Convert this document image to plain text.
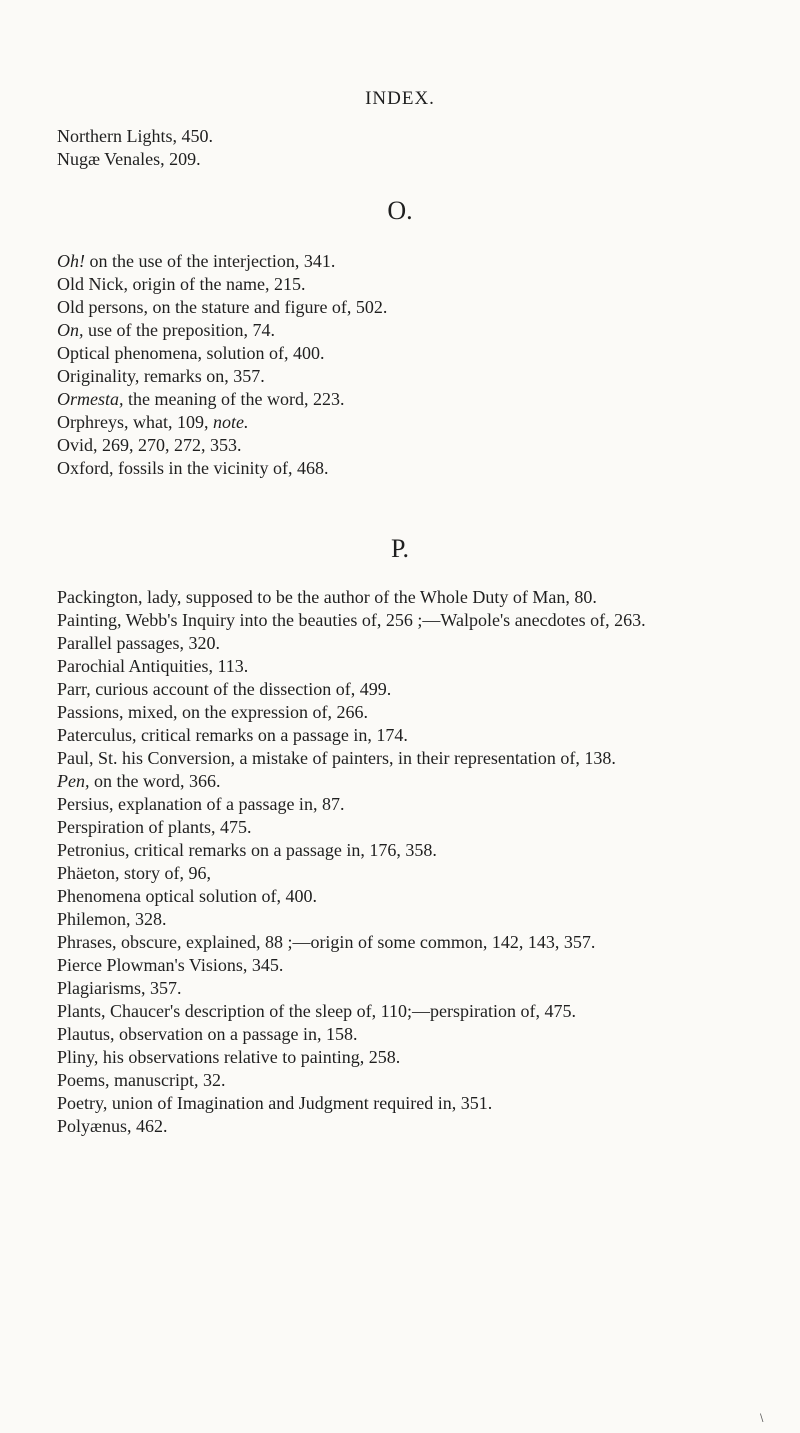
INDEX.

Northern Lights, 450.

Nugæ Venales, 209.

O.

Oh! on the use of the interjection, 341.

Old Nick, origin of the name, 215.

Old persons, on the stature and figure of, 502.

On, use of the preposition, 74.

Optical phenomena, solution of, 400.

Originality, remarks on, 357.

Ormesta, the meaning of the word, 223.

Orphreys, what, 109, note.

Ovid, 269, 270, 272, 353.

Oxford, fossils in the vicinity of, 468.

P.

Packington, lady, supposed to be the author of the Whole Duty of Man, 80.

Painting, Webb's Inquiry into the beauties of, 256 ;—Walpole's anecdotes of, 263.

Parallel passages, 320.

Parochial Antiquities, 113.

Parr, curious account of the dissection of, 499.

Passions, mixed, on the expression of, 266.

Paterculus, critical remarks on a passage in, 174.

Paul, St. his Conversion, a mistake of painters, in their representation of, 138.

Pen, on the word, 366.

Persius, explanation of a passage in, 87.

Perspiration of plants, 475.

Petronius, critical remarks on a passage in, 176, 358.

Phäeton, story of, 96,

Phenomena optical solution of, 400.

Philemon, 328.

Phrases, obscure, explained, 88 ;—origin of some common, 142, 143, 357.

Pierce Plowman's Visions, 345.

Plagiarisms, 357.

Plants, Chaucer's description of the sleep of, 110;—perspiration of, 475.

Plautus, observation on a passage in, 158.

Pliny, his observations relative to painting, 258.

Poems, manuscript, 32.

Poetry, union of Imagination and Judgment required in, 351.

Polyænus, 462.

\
